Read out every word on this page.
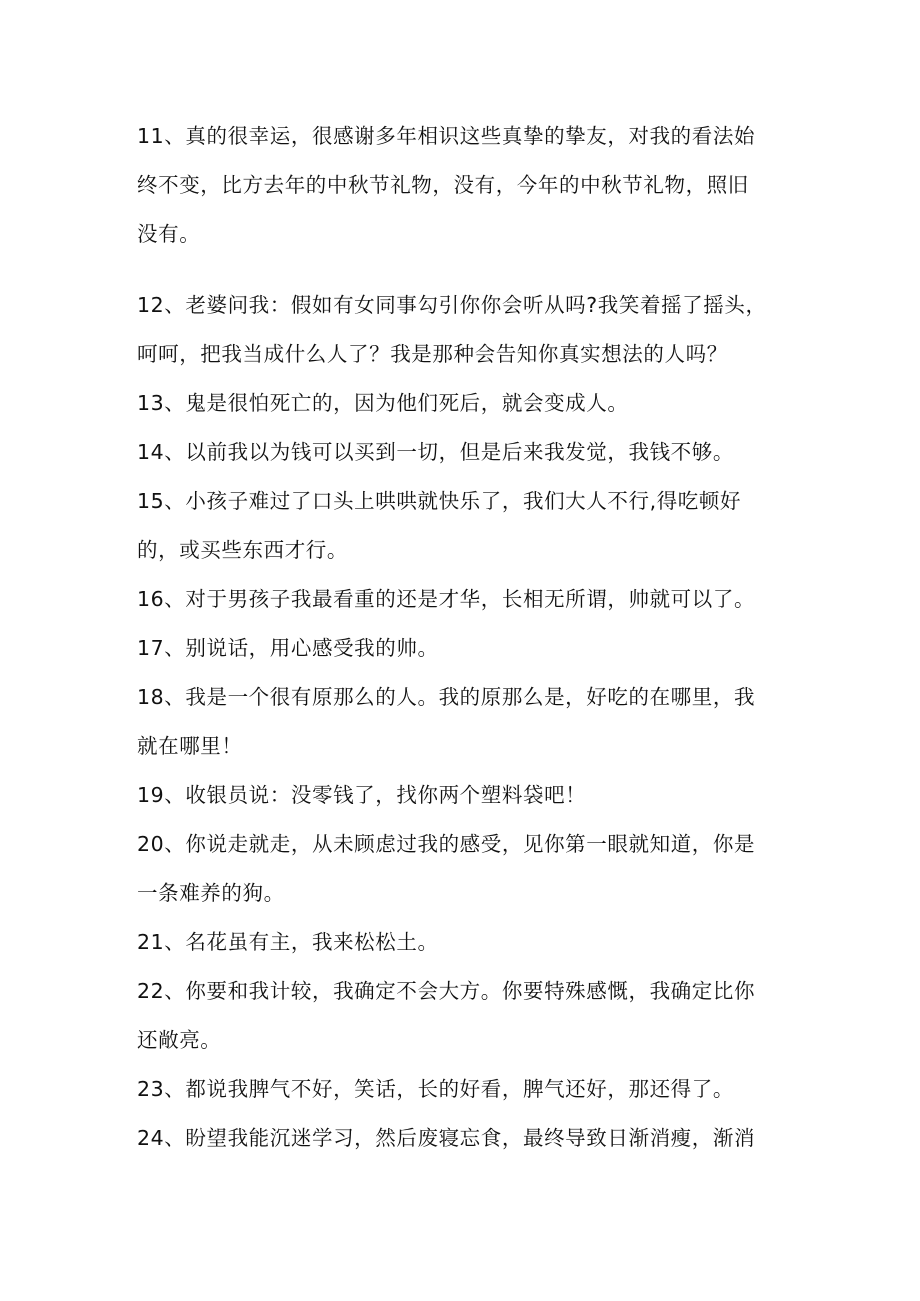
11、真的很幸运，很感谢多年相识这些真挚的挚友，对我的看法始
终不变，比方去年的中秋节礼物，没有，今年的中秋节礼物，照旧
没有。
12、老婆问我：假如有女同事勾引你你会听从吗?我笑着摇了摇头，
呵呵，把我当成什么人了？我是那种会告知你真实想法的人吗？
13、鬼是很怕死亡的，因为他们死后，就会变成人。
14、以前我以为钱可以买到一切，但是后来我发觉，我钱不够。
15、小孩子难过了口头上哄哄就快乐了，我们大人不行,得吃顿好
的，或买些东西才行。
16、对于男孩子我最看重的还是才华，长相无所谓，帅就可以了。
17、别说话，用心感受我的帅。
18、我是一个很有原那么的人。我的原那么是，好吃的在哪里，我
就在哪里！
19、收银员说：没零钱了，找你两个塑料袋吧！
20、你说走就走，从未顾虑过我的感受，见你第一眼就知道，你是
一条难养的狗。
21、名花虽有主，我来松松土。
22、你要和我计较，我确定不会大方。你要特殊感慨，我确定比你
还敞亮。
23、都说我脾气不好，笑话，长的好看，脾气还好，那还得了。
24、盼望我能沉迷学习，然后废寝忘食，最终导致日渐消瘦，渐消
